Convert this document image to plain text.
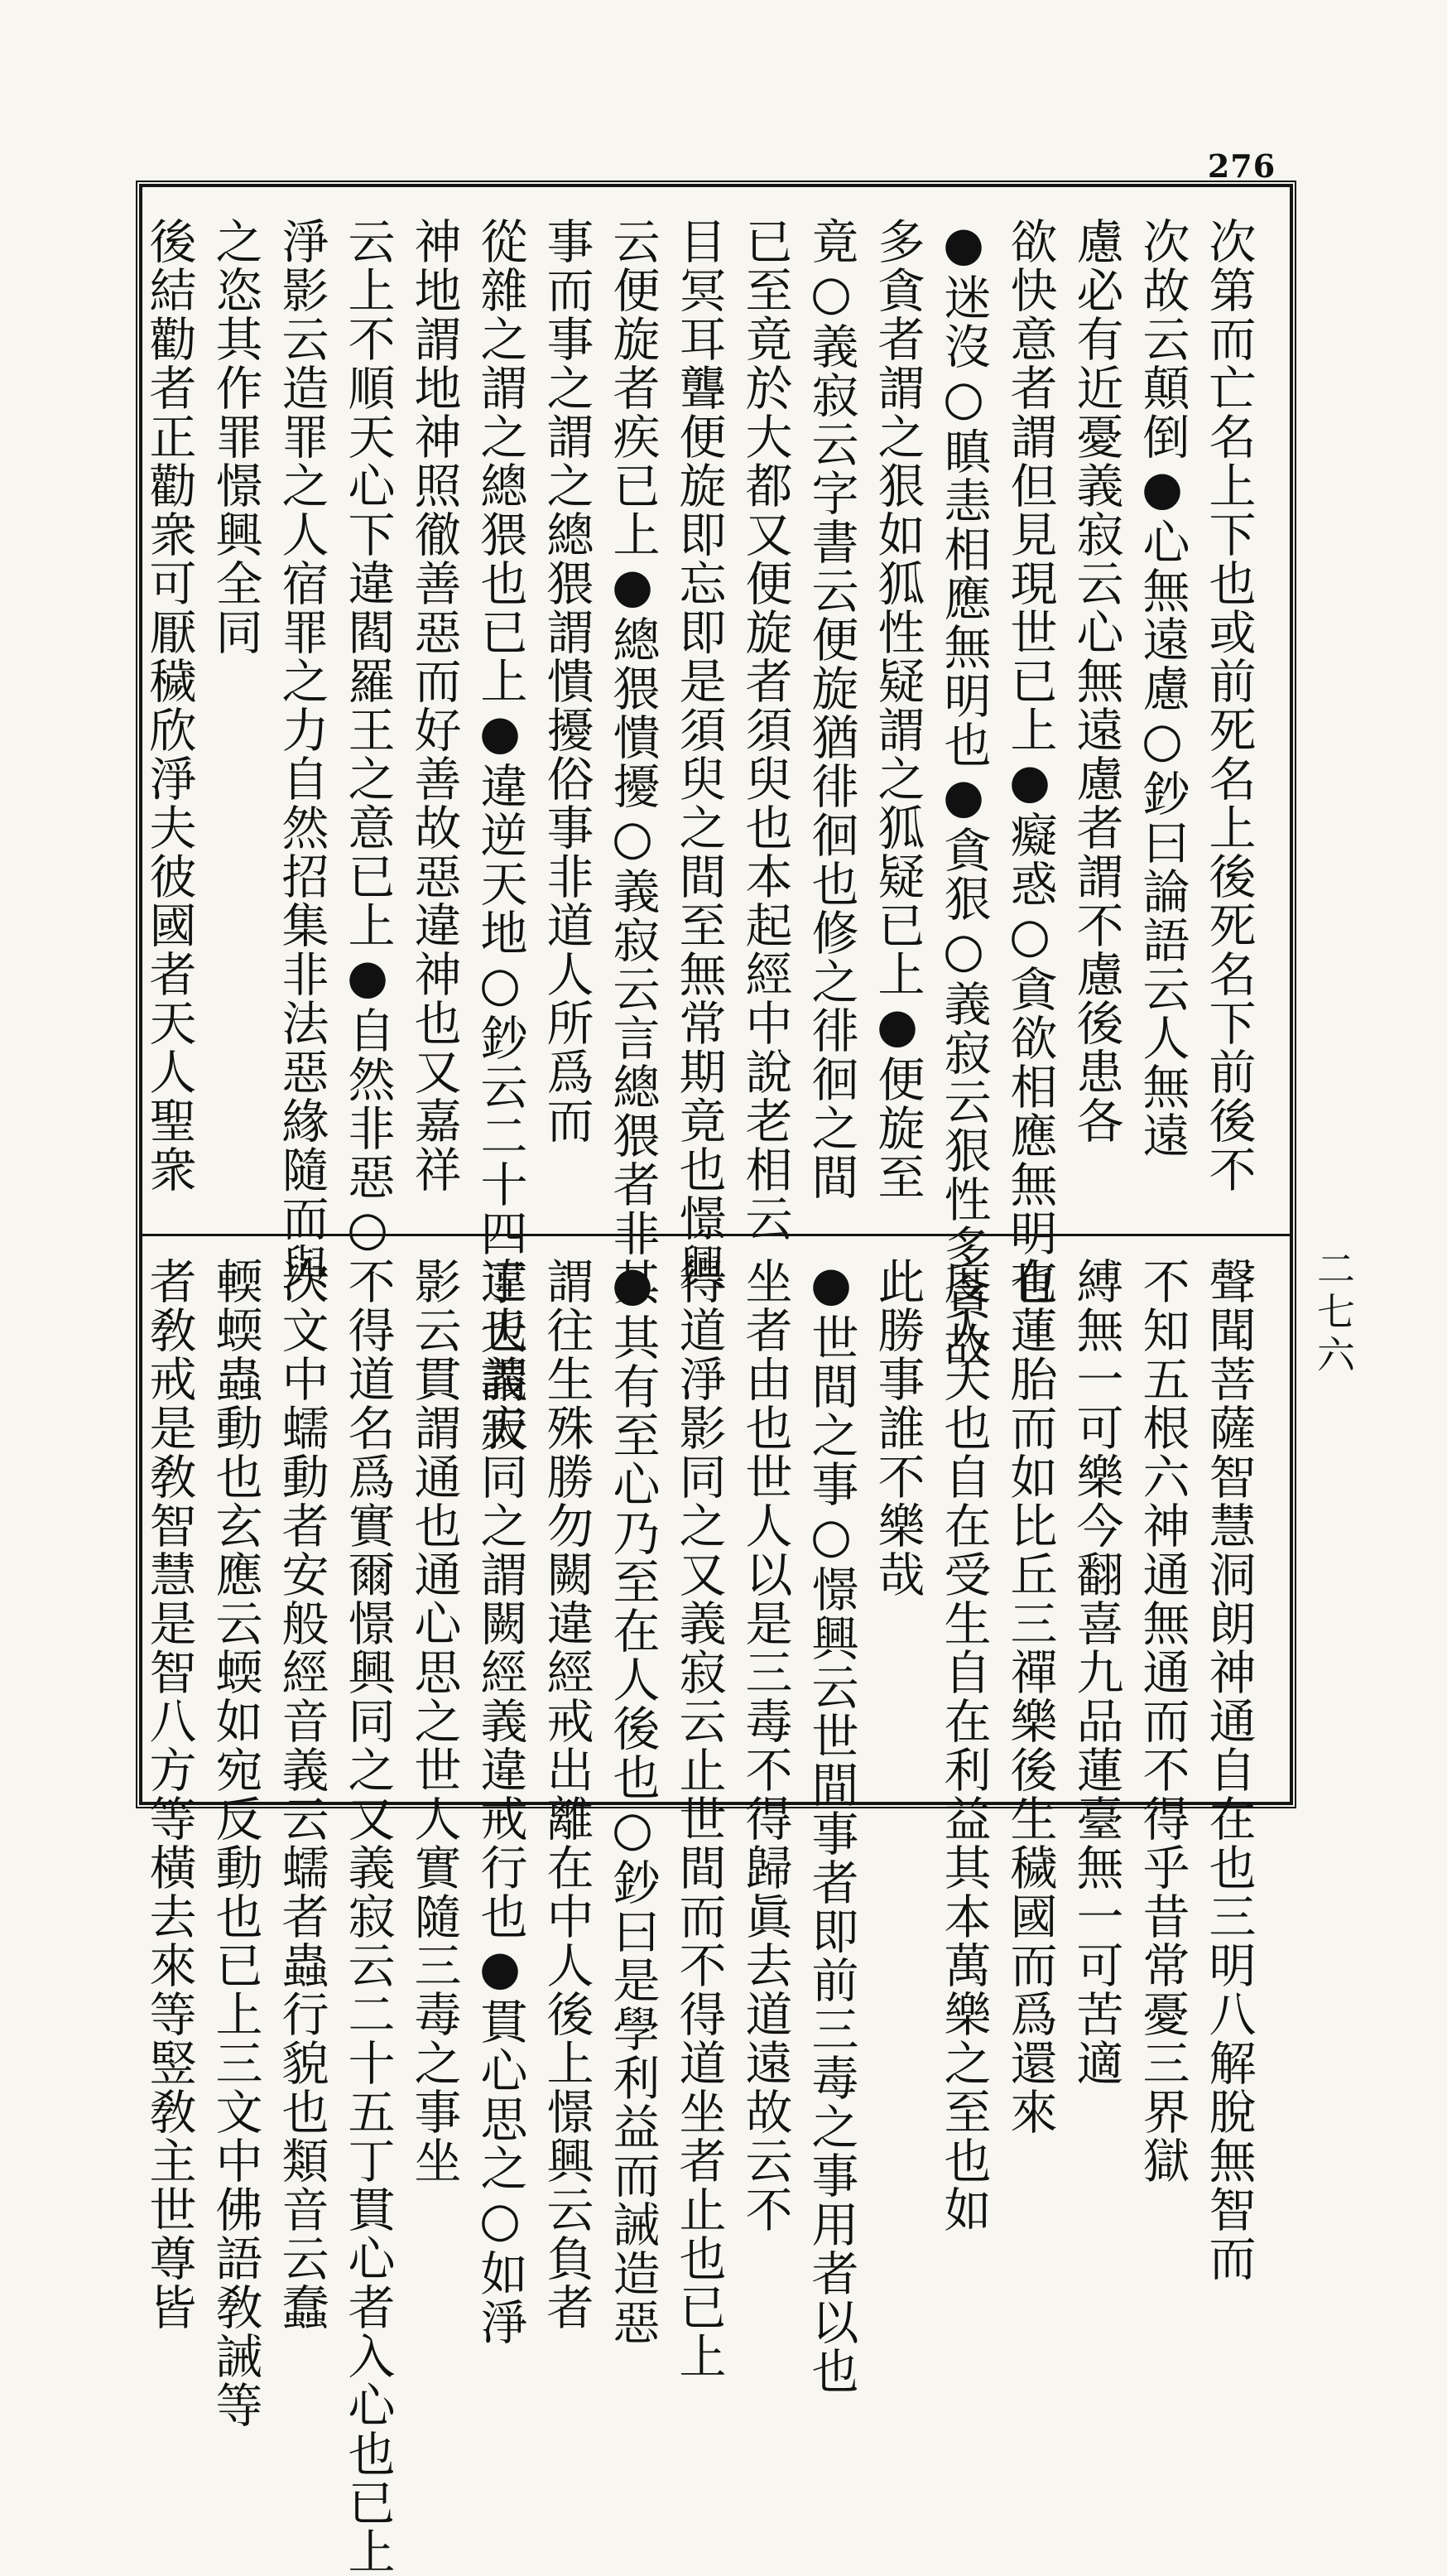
276
次第而亡名上下也或前死名上後死名下前後不
次故云顛倒●心無遠慮○鈔曰論語云人無遠
慮必有近憂義寂云心無遠慮者謂不慮後患各
欲快意者謂但見現世已上●癡惑○貪欲相應無明也
●迷沒○瞋恚相應無明也●貪狠○義寂云狠性多貪故
多貪者謂之狠如狐性疑謂之狐疑已上●便旋至
竟○義寂云字書云便旋猶徘徊也修之徘徊之間
已至竟於大都又便旋者須臾也本起經中說老相云
目冥耳聾便旋即忘即是須臾之間至無常期竟也憬興
云便旋者疾已上●總猥憒擾○義寂云言總猥者非其
事而事之謂之總猥謂憒擾俗事非道人所爲而
從雜之謂之總猥也已上●違逆天地○鈔云二十四丁天謂天
神地謂地神照徹善惡而好善故惡違神也又嘉祥
云上不順天心下違閻羅王之意已上●自然非惡○
淨影云造罪之人宿罪之力自然招集非法惡緣隨而與
之恣其作罪憬興全同
後結勸者正勸衆可厭穢欣淨夫彼國者天人聖衆
聲聞菩薩智慧洞朗神通自在也三明八解脫無智而
不知五根六神通無通而不得乎昔常憂三界獄
縛無一可樂今翻喜九品蓮臺無一可苦適
有蓮胎而如比丘三禪樂後生穢國而爲還來
度人天也自在受生自在利益其本萬樂之至也如
此勝事誰不樂哉
●世間之事○憬興云世間事者即前三毒之事用者以也
坐者由也世人以是三毒不得歸眞去道遠故云不
得道淨影同之又義寂云止世間而不得道坐者止也已上
●其有至心乃至在人後也○鈔曰是學利益而誡造惡
謂往生殊勝勿闕違經戒出離在中人後上憬興云負者
違也義寂同之謂闕經義違戒行也●貫心思之○如淨
影云貫謂通也通心思之世人實隨三毒之事坐
不得道名爲實爾憬興同之又義寂云二十五丁貫心者入心也已上
次文中蠕動者安般經音義云蠕者蟲行貌也類音云蠢
輭蝡蟲動也玄應云蝡如宛反動也已上三文中佛語敎誡等
者敎戒是敎智慧是智八方等橫去來等竪敎主世尊皆	二七六
